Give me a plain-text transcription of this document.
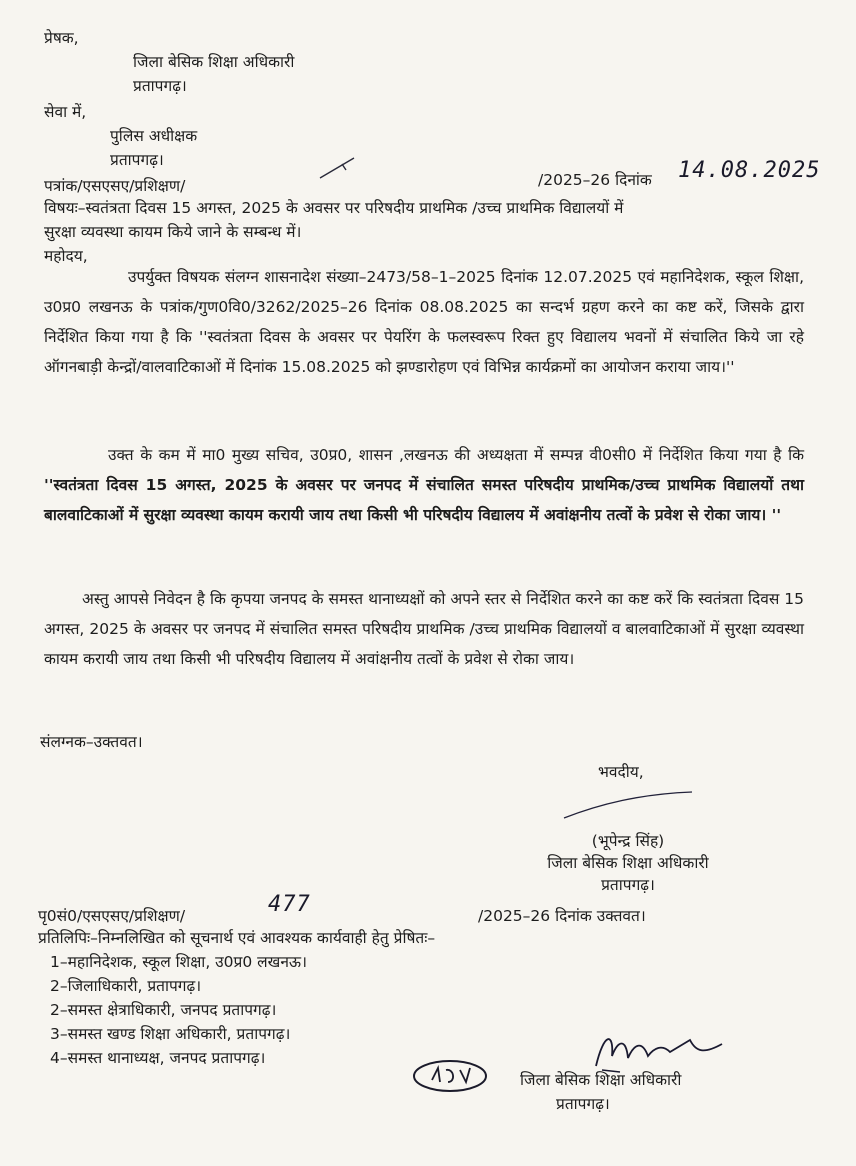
प्रेषक,
जिला बेसिक शिक्षा अधिकारी
प्रतापगढ़।
सेवा में,
पुलिस अधीक्षक
प्रतापगढ़।
पत्रांक/एसएसए/प्रशिक्षण/	/2025–26 दिनांक 14.08.2025
विषयः–स्वतंत्रता दिवस 15 अगस्त, 2025 के अवसर पर परिषदीय प्राथमिक /उच्च प्राथमिक विद्यालयों में
सुरक्षा व्यवस्था कायम किये जाने के सम्बन्ध में।
महोदय,
उपर्युक्त विषयक संलग्न शासनादेश संख्या–2473/58–1–2025 दिनांक 12.07.2025 एवं महानिदेशक, स्कूल शिक्षा, उ0प्र0 लखनऊ के पत्रांक/गुण0वि0/3262/2025–26 दिनांक 08.08.2025 का सन्दर्भ ग्रहण करने का कष्ट करें, जिसके द्वारा निर्देशित किया गया है कि ''स्वतंत्रता दिवस के अवसर पर पेयरिंग के फलस्वरूप रिक्त हुए विद्यालय भवनों में संचालित किये जा रहे ऑगनबाड़ी केन्द्रों/वालवाटिकाओं में दिनांक 15.08.2025 को झण्डारोहण एवं विभिन्न कार्यक्रमों का आयोजन कराया जाय।''
उक्त के कम में मा0 मुख्य सचिव, उ0प्र0, शासन ,लखनऊ की अध्यक्षता में सम्पन्न वी0सी0 में निर्देशित किया गया है कि ''स्वतंत्रता दिवस 15 अगस्त, 2025 के अवसर पर जनपद में संचालित समस्त परिषदीय प्राथमिक/उच्च प्राथमिक विद्यालयों तथा बालवाटिकाओं में सुरक्षा व्यवस्था कायम करायी जाय तथा किसी भी परिषदीय विद्यालय में अवांक्षनीय तत्वों के प्रवेश से रोका जाय। ''
अस्तु आपसे निवेदन है कि कृपया जनपद के समस्त थानाध्यक्षों को अपने स्तर से निर्देशित करने का कष्ट करें कि स्वतंत्रता दिवस 15 अगस्त, 2025 के अवसर पर जनपद में संचालित समस्त परिषदीय प्राथमिक /उच्च प्राथमिक विद्यालयों व बालवाटिकाओं में सुरक्षा व्यवस्था कायम करायी जाय तथा किसी भी परिषदीय विद्यालय में अवांक्षनीय तत्वों के प्रवेश से रोका जाय।
संलग्नक–उक्तवत।
भवदीय,
(भूपेन्द्र सिंह)
जिला बेसिक शिक्षा अधिकारी
प्रतापगढ़।
पृ0सं0/एसएसए/प्रशिक्षण/	477	/2025–26 दिनांक उक्तवत।
प्रतिलिपिः–निम्नलिखित को सूचनार्थ एवं आवश्यक कार्यवाही हेतु प्रेषितः–
1–महानिदेशक, स्कूल शिक्षा, उ0प्र0 लखनऊ।
2–जिलाधिकारी, प्रतापगढ़।
2–समस्त क्षेत्राधिकारी, जनपद प्रतापगढ़।
3–समस्त खण्ड शिक्षा अधिकारी, प्रतापगढ़।
4–समस्त थानाध्यक्ष, जनपद प्रतापगढ़।
जिला बेसिक शिक्षा अधिकारी
प्रतापगढ़।
